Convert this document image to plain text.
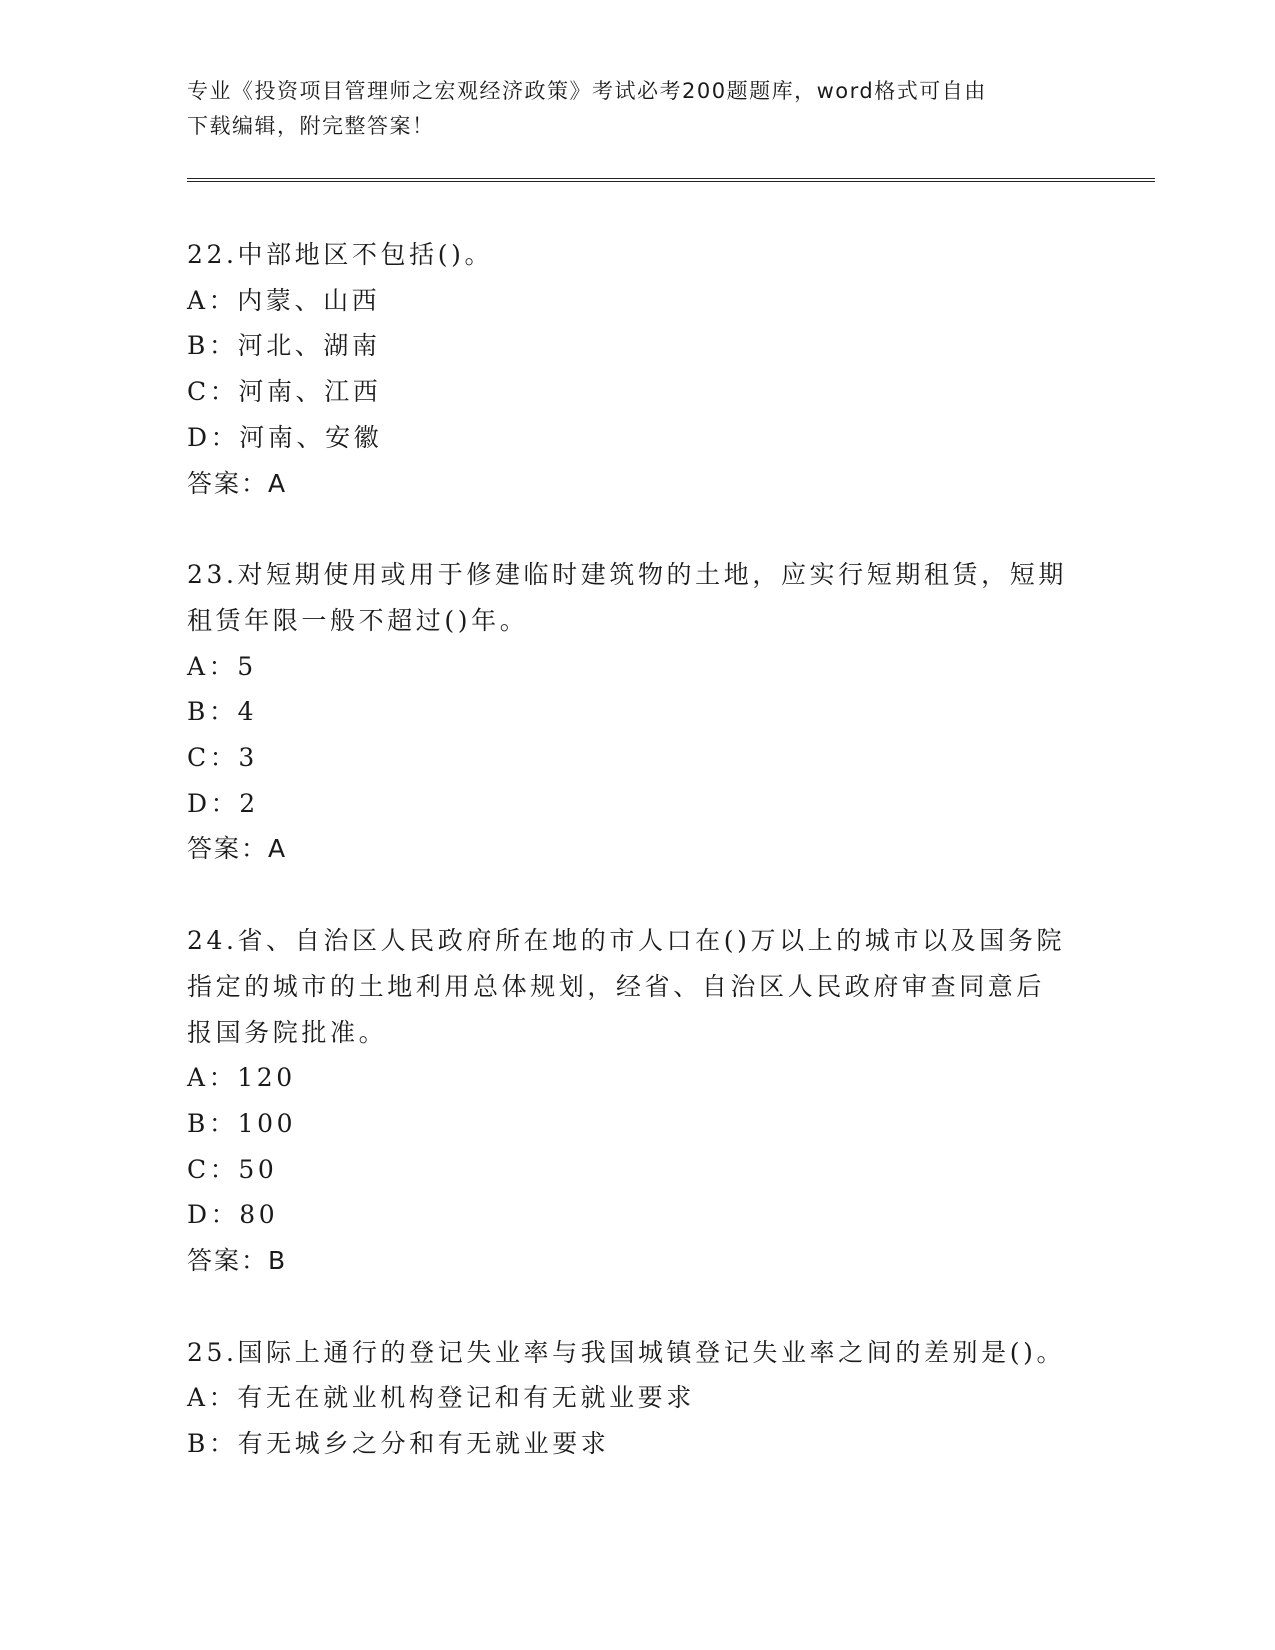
专业《投资项目管理师之宏观经济政策》考试必考200题题库，word格式可自由
下载编辑，附完整答案！
22.中部地区不包括()。
A：内蒙、山西
B：河北、湖南
C：河南、江西
D：河南、安徽
答案：A
23.对短期使用或用于修建临时建筑物的土地，应实行短期租赁，短期
租赁年限一般不超过()年。
A：5
B：4
C：3
D：2
答案：A
24.省、自治区人民政府所在地的市人口在()万以上的城市以及国务院
指定的城市的土地利用总体规划，经省、自治区人民政府审查同意后
报国务院批准。
A：120
B：100
C：50
D：80
答案：B
25.国际上通行的登记失业率与我国城镇登记失业率之间的差别是()。
A：有无在就业机构登记和有无就业要求
B：有无城乡之分和有无就业要求
